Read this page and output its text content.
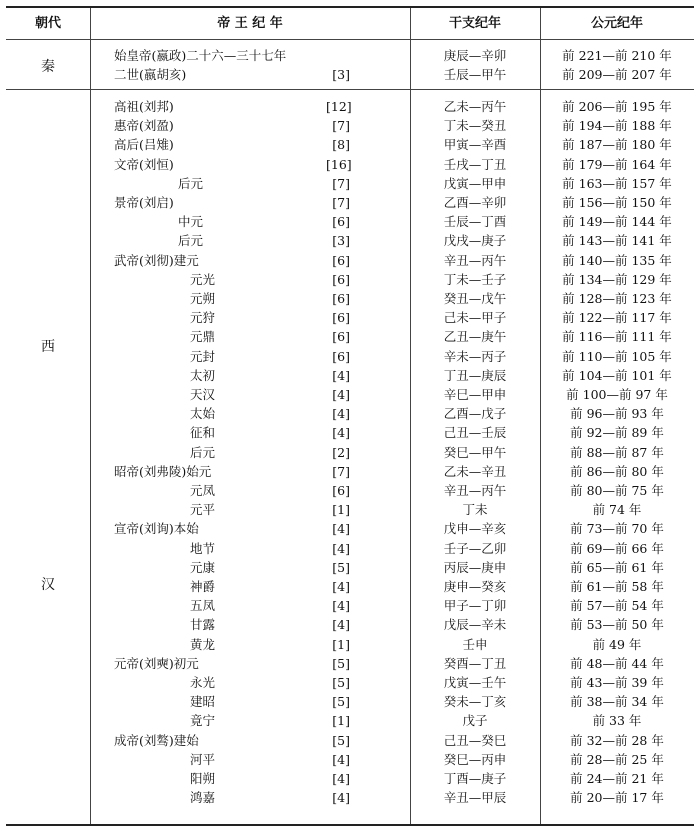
朝代	帝 王 纪 年	干支纪年	公元纪年
秦
始皇帝(嬴政)二十六—三十七年	庚辰—辛卯	前 221—前 210 年
二世(嬴胡亥)	[3]	壬辰—甲午	前 209—前 207 年
西
汉
高祖(刘邦)	[12]	乙未—丙午	前 206—前 195 年
惠帝(刘盈)	[7]	丁未—癸丑	前 194—前 188 年
高后(吕雉)	[8]	甲寅—辛酉	前 187—前 180 年
文帝(刘恒)	[16]	壬戌—丁丑	前 179—前 164 年
后元	[7]	戊寅—甲申	前 163—前 157 年
景帝(刘启)	[7]	乙酉—辛卯	前 156—前 150 年
中元	[6]	壬辰—丁酉	前 149—前 144 年
后元	[3]	戊戌—庚子	前 143—前 141 年
武帝(刘彻)建元	[6]	辛丑—丙午	前 140—前 135 年
元光	[6]	丁未—壬子	前 134—前 129 年
元朔	[6]	癸丑—戊午	前 128—前 123 年
元狩	[6]	己未—甲子	前 122—前 117 年
元鼎	[6]	乙丑—庚午	前 116—前 111 年
元封	[6]	辛未—丙子	前 110—前 105 年
太初	[4]	丁丑—庚辰	前 104—前 101 年
天汉	[4]	辛巳—甲申	前 100—前 97 年
太始	[4]	乙酉—戊子	前 96—前 93 年
征和	[4]	己丑—壬辰	前 92—前 89 年
后元	[2]	癸巳—甲午	前 88—前 87 年
昭帝(刘弗陵)始元	[7]	乙未—辛丑	前 86—前 80 年
元凤	[6]	辛丑—丙午	前 80—前 75 年
元平	[1]	丁未	前 74 年
宣帝(刘询)本始	[4]	戊申—辛亥	前 73—前 70 年
地节	[4]	壬子—乙卯	前 69—前 66 年
元康	[5]	丙辰—庚申	前 65—前 61 年
神爵	[4]	庚申—癸亥	前 61—前 58 年
五凤	[4]	甲子—丁卯	前 57—前 54 年
甘露	[4]	戊辰—辛未	前 53—前 50 年
黄龙	[1]	壬申	前 49 年
元帝(刘奭)初元	[5]	癸酉—丁丑	前 48—前 44 年
永光	[5]	戊寅—壬午	前 43—前 39 年
建昭	[5]	癸未—丁亥	前 38—前 34 年
竟宁	[1]	戊子	前 33 年
成帝(刘骜)建始	[5]	己丑—癸巳	前 32—前 28 年
河平	[4]	癸巳—丙申	前 28—前 25 年
阳朔	[4]	丁酉—庚子	前 24—前 21 年
鸿嘉	[4]	辛丑—甲辰	前 20—前 17 年
